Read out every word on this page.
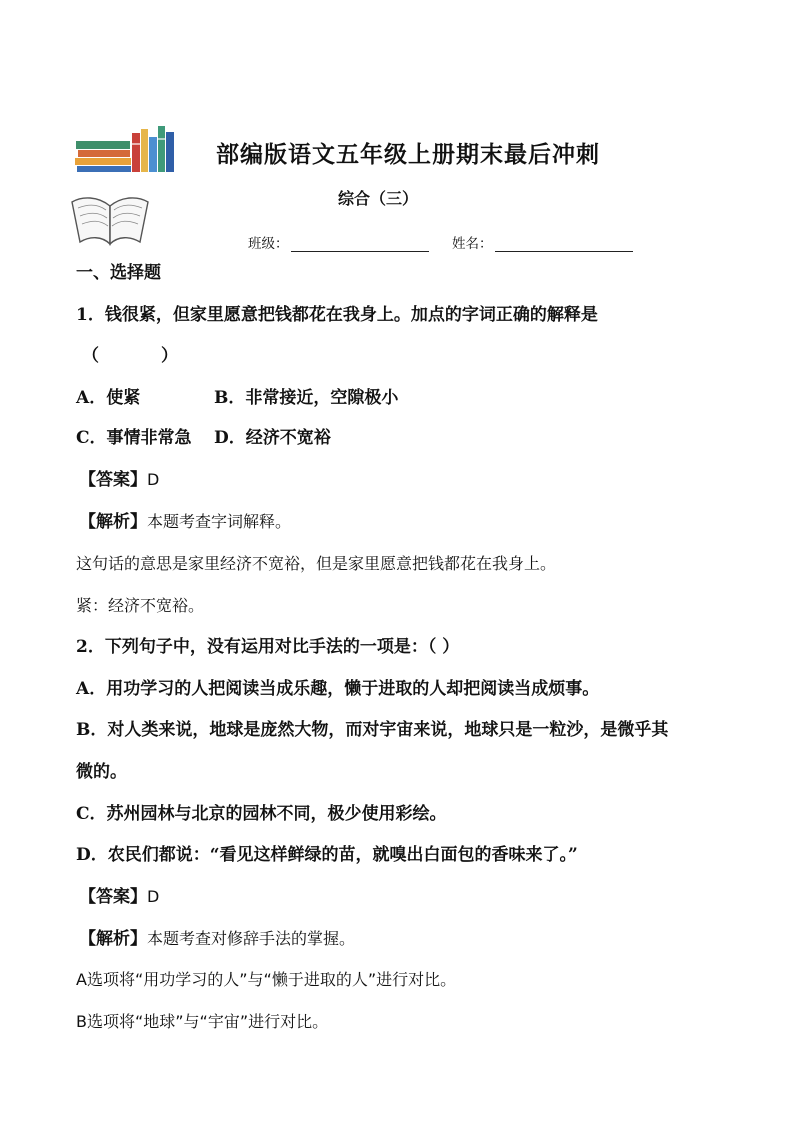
部编版语文五年级上册期末最后冲刺
综合（三）
班级：	姓名：
一、选择题
1．钱很紧，但家里愿意把钱都花在我身上。加点的字词正确的解释是
（	）
A．使紧	B．非常接近，空隙极小
C．事情非常急 D．经济不宽裕
【答案】D
【解析】本题考查字词解释。
这句话的意思是家里经济不宽裕，但是家里愿意把钱都花在我身上。
紧：经济不宽裕。
2．下列句子中，没有运用对比手法的一项是：（ ）
A．用功学习的人把阅读当成乐趣，懒于进取的人却把阅读当成烦事。
B．对人类来说，地球是庞然大物，而对宇宙来说，地球只是一粒沙，是微乎其
微的。
C．苏州园林与北京的园林不同，极少使用彩绘。
D．农民们都说：“看见这样鲜绿的苗，就嗅出白面包的香味来了。”
【答案】D
【解析】本题考查对修辞手法的掌握。
A选项将“用功学习的人”与“懒于进取的人”进行对比。
B选项将“地球”与“宇宙”进行对比。
